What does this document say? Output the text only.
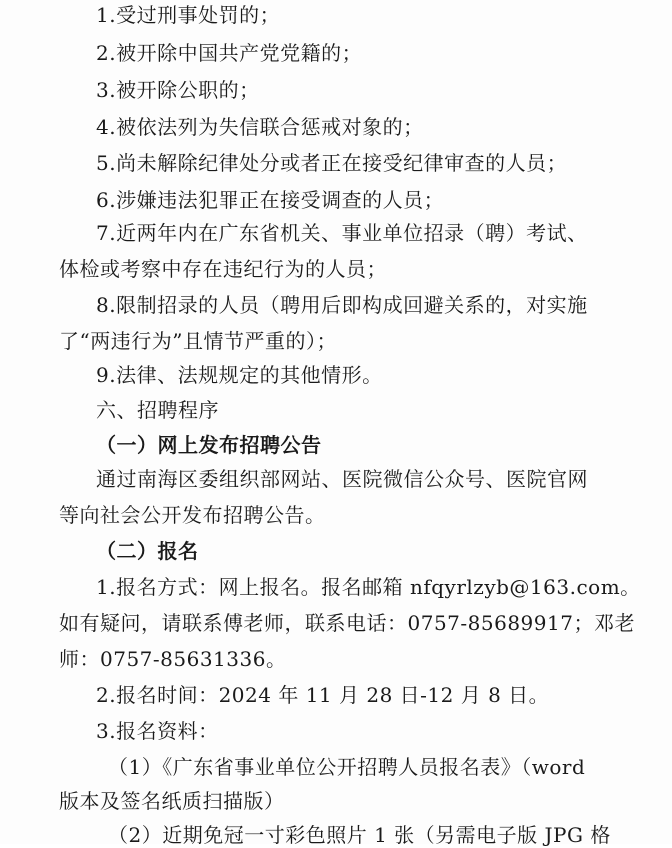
1.受过刑事处罚的；
2.被开除中国共产党党籍的；
3.被开除公职的；
4.被依法列为失信联合惩戒对象的；
5.尚未解除纪律处分或者正在接受纪律审查的人员；
6.涉嫌违法犯罪正在接受调查的人员；
7.近两年内在广东省机关、事业单位招录（聘）考试、
体检或考察中存在违纪行为的人员；
8.限制招录的人员（聘用后即构成回避关系的，对实施
了“两违行为”且情节严重的）；
9.法律、法规规定的其他情形。
六、招聘程序
（一）网上发布招聘公告
通过南海区委组织部网站、医院微信公众号、医院官网
等向社会公开发布招聘公告。
（二）报名
1.报名方式：网上报名。报名邮箱 nfqyrlzyb@163.com。
如有疑问，请联系傅老师，联系电话：0757-85689917；邓老
师：0757-85631336。
2.报名时间：2024 年 11 月 28 日-12 月 8 日。
3.报名资料：
（1）《广东省事业单位公开招聘人员报名表》（word
版本及签名纸质扫描版）
（2）近期免冠一寸彩色照片 1 张（另需电子版 JPG 格
